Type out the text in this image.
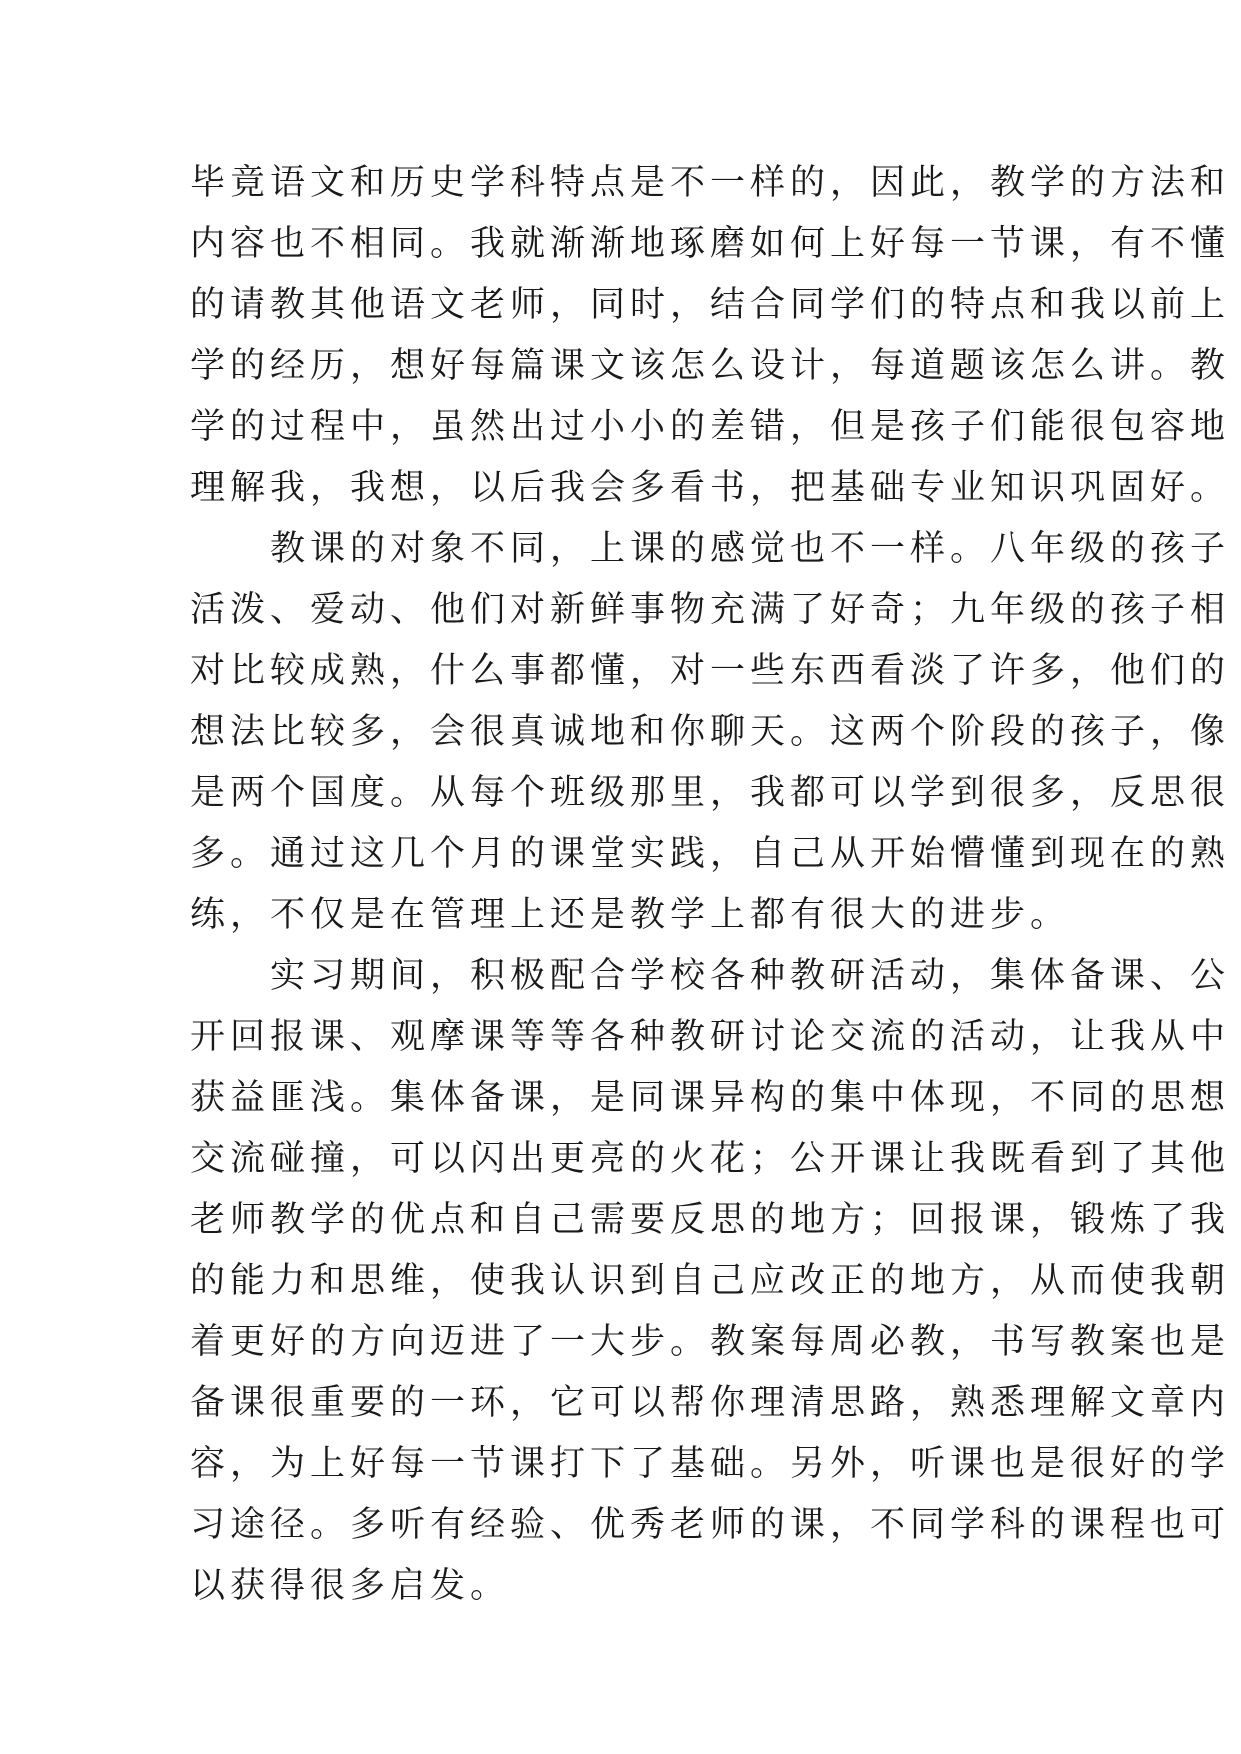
毕竟语文和历史学科特点是不一样的，因此，教学的方法和
内容也不相同。我就渐渐地琢磨如何上好每一节课，有不懂
的请教其他语文老师，同时，结合同学们的特点和我以前上
学的经历，想好每篇课文该怎么设计，每道题该怎么讲。教
学的过程中，虽然出过小小的差错，但是孩子们能很包容地
理解我，我想，以后我会多看书，把基础专业知识巩固好。
　　教课的对象不同，上课的感觉也不一样。八年级的孩子
活泼、爱动、他们对新鲜事物充满了好奇；九年级的孩子相
对比较成熟，什么事都懂，对一些东西看淡了许多，他们的
想法比较多，会很真诚地和你聊天。这两个阶段的孩子，像
是两个国度。从每个班级那里，我都可以学到很多，反思很
多。通过这几个月的课堂实践，自己从开始懵懂到现在的熟
练，不仅是在管理上还是教学上都有很大的进步。
　　实习期间，积极配合学校各种教研活动，集体备课、公
开回报课、观摩课等等各种教研讨论交流的活动，让我从中
获益匪浅。集体备课，是同课异构的集中体现，不同的思想
交流碰撞，可以闪出更亮的火花；公开课让我既看到了其他
老师教学的优点和自己需要反思的地方；回报课，锻炼了我
的能力和思维，使我认识到自己应改正的地方，从而使我朝
着更好的方向迈进了一大步。教案每周必教，书写教案也是
备课很重要的一环，它可以帮你理清思路，熟悉理解文章内
容，为上好每一节课打下了基础。另外，听课也是很好的学
习途径。多听有经验、优秀老师的课，不同学科的课程也可
以获得很多启发。
